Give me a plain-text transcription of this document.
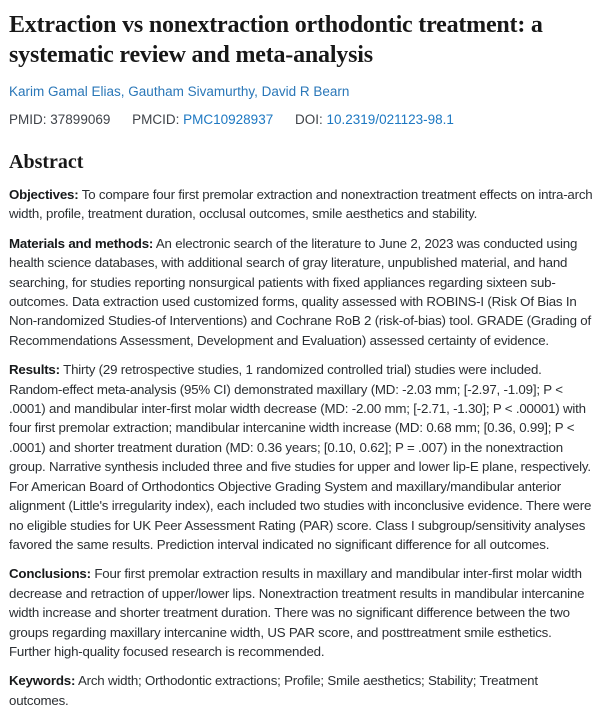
Extraction vs nonextraction orthodontic treatment: a systematic review and meta-analysis
Karim Gamal Elias, Gautham Sivamurthy, David R Bearn
PMID: 37899069 PMCID: PMC10928937 DOI: 10.2319/021123-98.1
Abstract

Objectives: To compare four first premolar extraction and nonextraction treatment effects on intra-arch width, profile, treatment duration, occlusal outcomes, smile aesthetics and stability.

Materials and methods: An electronic search of the literature to June 2, 2023 was conducted using health science databases, with additional search of gray literature, unpublished material, and hand searching, for studies reporting nonsurgical patients with fixed appliances regarding sixteen sub-outcomes. Data extraction used customized forms, quality assessed with ROBINS-I (Risk Of Bias In Non-randomized Studies-of Interventions) and Cochrane RoB 2 (risk-of-bias) tool. GRADE (Grading of Recommendations Assessment, Development and Evaluation) assessed certainty of evidence.

Results: Thirty (29 retrospective studies, 1 randomized controlled trial) studies were included. Random-effect meta-analysis (95% CI) demonstrated maxillary (MD: -2.03 mm; [-2.97, -1.09]; P < .0001) and mandibular inter-first molar width decrease (MD: -2.00 mm; [-2.71, -1.30]; P < .00001) with four first premolar extraction; mandibular intercanine width increase (MD: 0.68 mm; [0.36, 0.99]; P < .0001) and shorter treatment duration (MD: 0.36 years; [0.10, 0.62]; P = .007) in the nonextraction group. Narrative synthesis included three and five studies for upper and lower lip-E plane, respectively. For American Board of Orthodontics Objective Grading System and maxillary/mandibular anterior alignment (Little's irregularity index), each included two studies with inconclusive evidence. There were no eligible studies for UK Peer Assessment Rating (PAR) score. Class I subgroup/sensitivity analyses favored the same results. Prediction interval indicated no significant difference for all outcomes.

Conclusions: Four first premolar extraction results in maxillary and mandibular inter-first molar width decrease and retraction of upper/lower lips. Nonextraction treatment results in mandibular intercanine width increase and shorter treatment duration. There was no significant difference between the two groups regarding maxillary intercanine width, US PAR score, and posttreatment smile esthetics. Further high-quality focused research is recommended.

Keywords: Arch width; Orthodontic extractions; Profile; Smile aesthetics; Stability; Treatment outcomes.
